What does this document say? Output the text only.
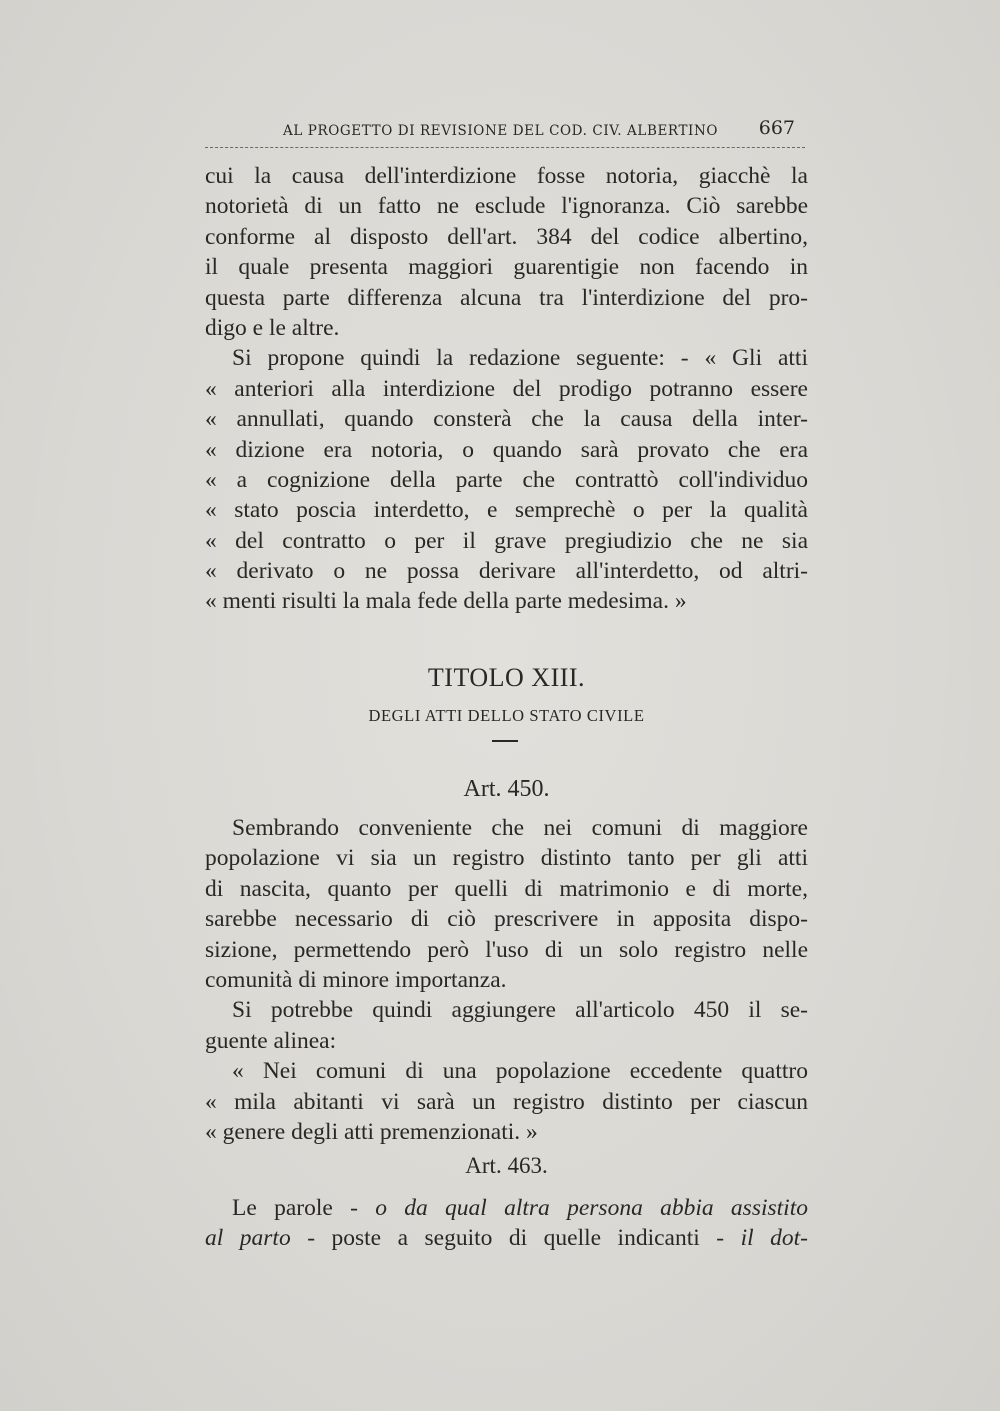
AL PROGETTO DI REVISIONE DEL COD. CIV. ALBERTINO 667
cui la causa dell'interdizione fosse notoria, giacchè la
notorietà di un fatto ne esclude l'ignoranza. Ciò sarebbe
conforme al disposto dell'art. 384 del codice albertino,
il quale presenta maggiori guarentigie non facendo in
questa parte differenza alcuna tra l'interdizione del pro-
digo e le altre.
Si propone quindi la redazione seguente: - « Gli atti
« anteriori alla interdizione del prodigo potranno essere
« annullati, quando consterà che la causa della inter-
« dizione era notoria, o quando sarà provato che era
« a cognizione della parte che contrattò coll'individuo
« stato poscia interdetto, e semprechè o per la qualità
« del contratto o per il grave pregiudizio che ne sia
« derivato o ne possa derivare all'interdetto, od altri-
« menti risulti la mala fede della parte medesima. »
TITOLO XIII.
DEGLI ATTI DELLO STATO CIVILE
Art. 450.
Sembrando conveniente che nei comuni di maggiore
popolazione vi sia un registro distinto tanto per gli atti
di nascita, quanto per quelli di matrimonio e di morte,
sarebbe necessario di ciò prescrivere in apposita dispo-
sizione, permettendo però l'uso di un solo registro nelle
comunità di minore importanza.
Si potrebbe quindi aggiungere all'articolo 450 il se-
guente alinea:
« Nei comuni di una popolazione eccedente quattro
« mila abitanti vi sarà un registro distinto per ciascun
« genere degli atti premenzionati. »
Art. 463.
Le parole - o da qual altra persona abbia assistito
al parto - poste a seguito di quelle indicanti - il dot-
